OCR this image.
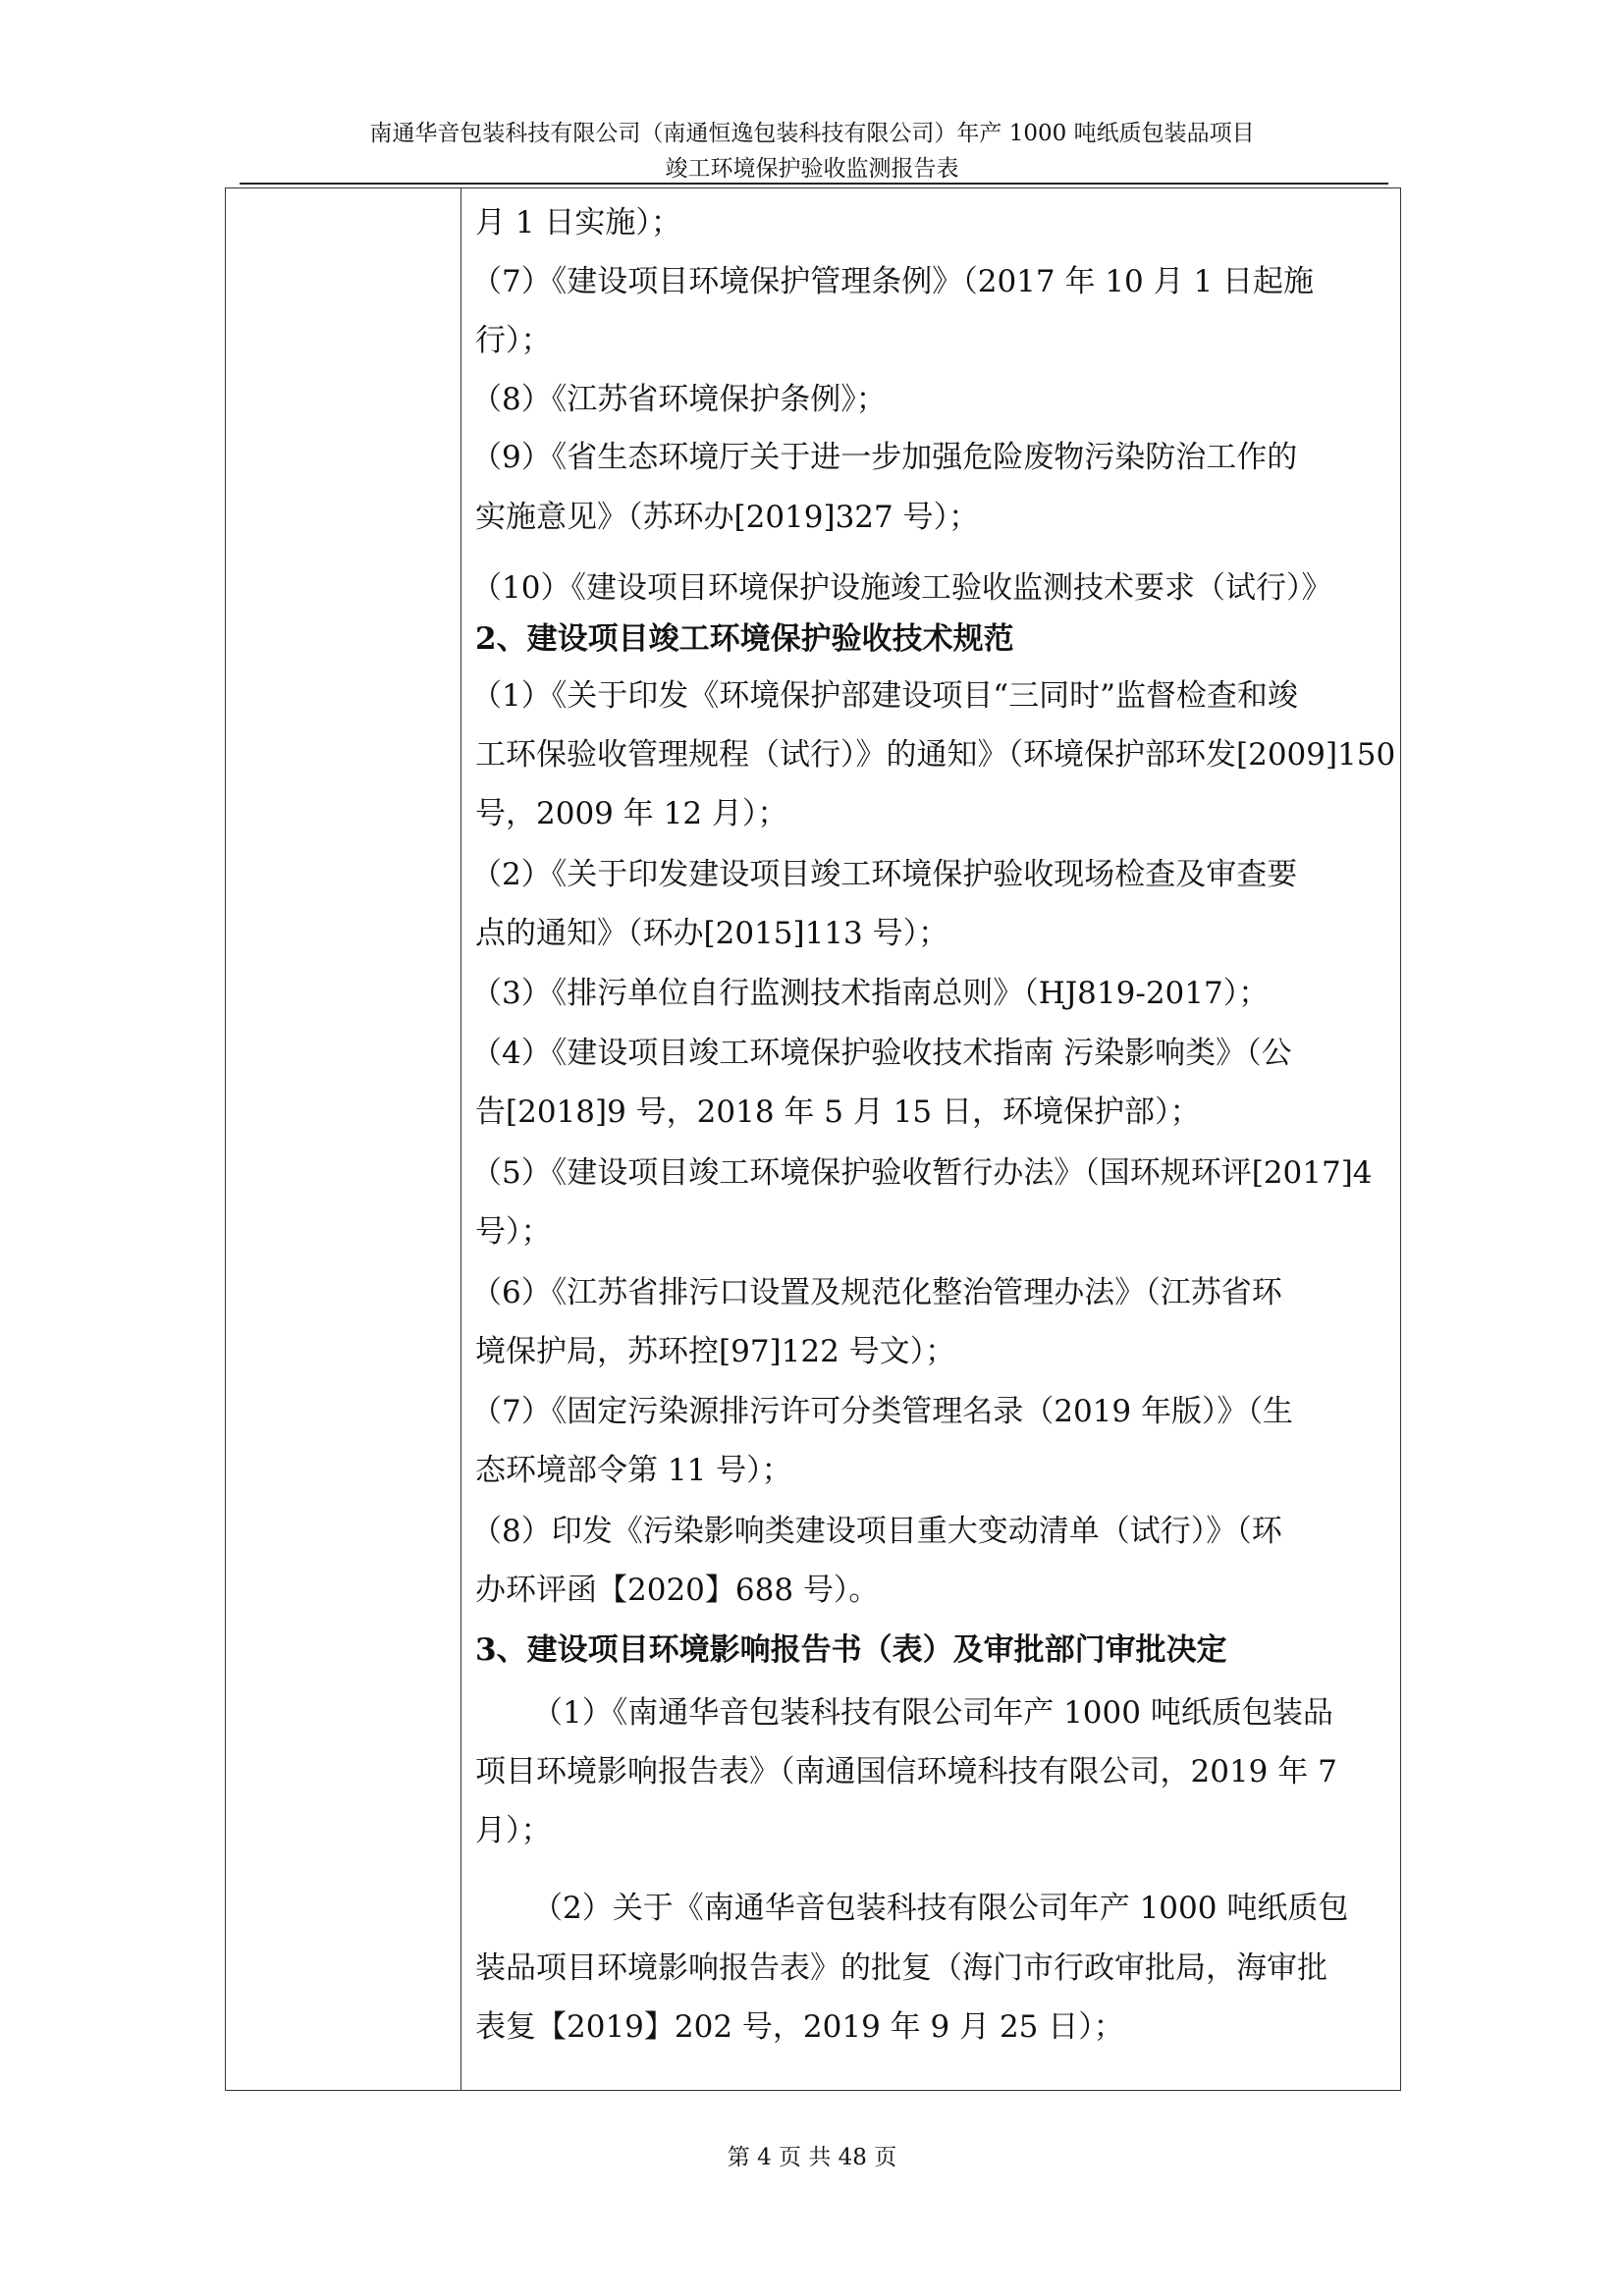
南通华音包装科技有限公司（南通恒逸包装科技有限公司）年产 1000 吨纸质包装品项目
竣工环境保护验收监测报告表
月 1 日实施）；
（7）《建设项目环境保护管理条例》（2017 年 10 月 1 日起施
行）；
（8）《江苏省环境保护条例》；
（9）《省生态环境厅关于进一步加强危险废物污染防治工作的
实施意见》（苏环办[2019]327 号）；
（10）《建设项目环境保护设施竣工验收监测技术要求（试行）》
2、建设项目竣工环境保护验收技术规范
（1）《关于印发《环境保护部建设项目“三同时”监督检查和竣
工环保验收管理规程（试行）》的通知》（环境保护部环发[2009]150
号，2009 年 12 月）；
（2）《关于印发建设项目竣工环境保护验收现场检查及审查要
点的通知》（环办[2015]113 号）；
（3）《排污单位自行监测技术指南总则》（HJ819-2017）；
（4）《建设项目竣工环境保护验收技术指南 污染影响类》（公
告[2018]9 号，2018 年 5 月 15 日，环境保护部）；
（5）《建设项目竣工环境保护验收暂行办法》（国环规环评[2017]4
号）；
（6）《江苏省排污口设置及规范化整治管理办法》（江苏省环
境保护局，苏环控[97]122 号文）；
（7）《固定污染源排污许可分类管理名录（2019 年版）》（生
态环境部令第 11 号）；
（8）印发《污染影响类建设项目重大变动清单（试行）》（环
办环评函【2020】688 号）。
3、建设项目环境影响报告书（表）及审批部门审批决定
（1）《南通华音包装科技有限公司年产 1000 吨纸质包装品
项目环境影响报告表》（南通国信环境科技有限公司，2019 年 7
月）；
（2）关于《南通华音包装科技有限公司年产 1000 吨纸质包
装品项目环境影响报告表》的批复（海门市行政审批局，海审批
表复【2019】202 号，2019 年 9 月 25 日）；
第 4 页 共 48 页
